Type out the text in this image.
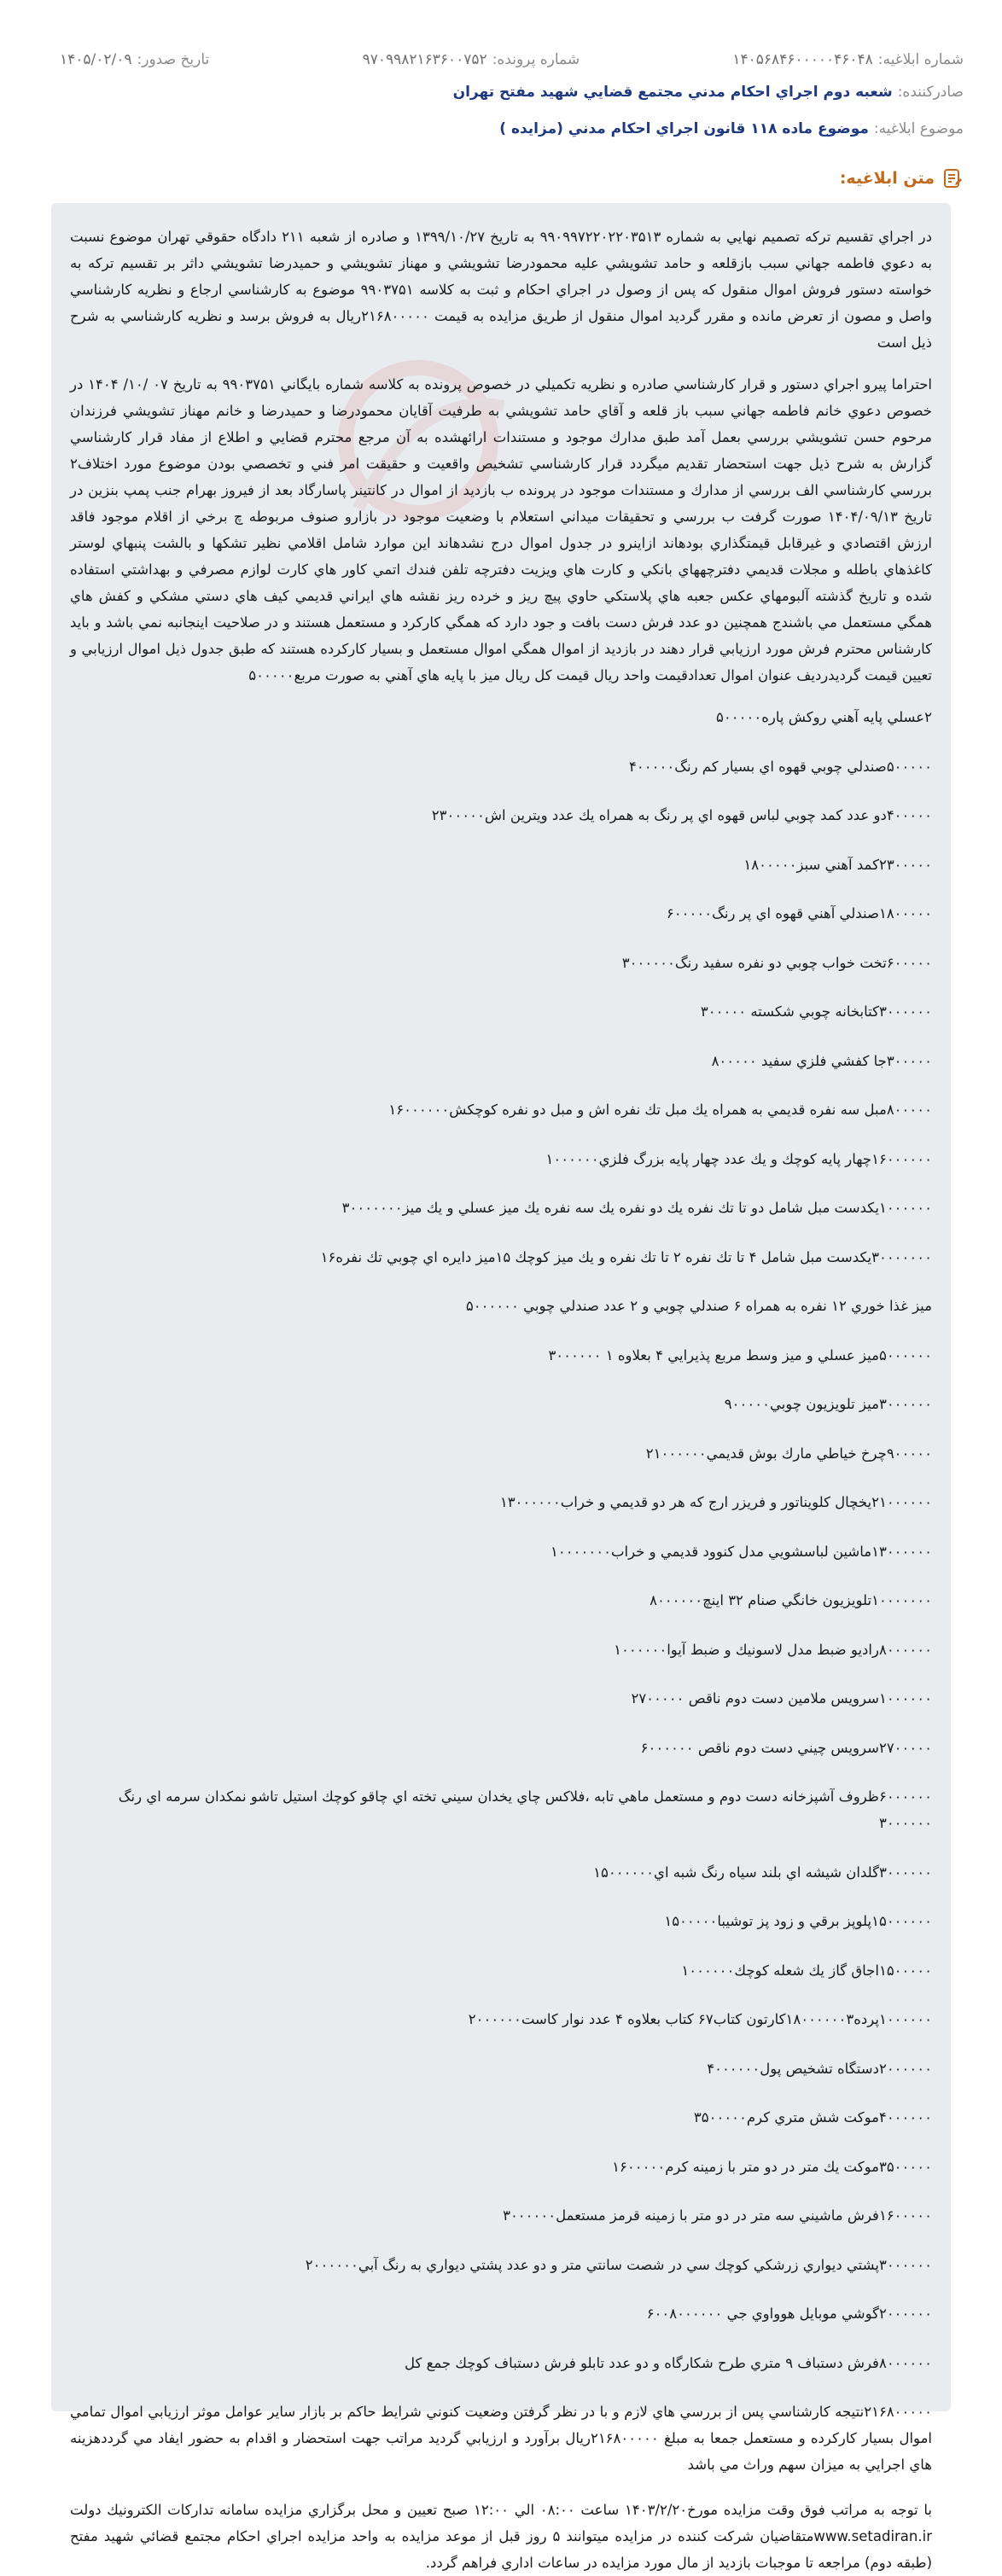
شماره ابلاغيه:
۱۴۰۵۶۸۴۶۰۰۰۰۰۴۶۰۴۸
شماره پرونده:
۹۷۰۹۹۸۲۱۶۳۶۰۰۷۵۲
تاريخ صدور:
۱۴۰۵/۰۲/۰۹
صادرکننده:
شعبه دوم اجراي احكام مدني مجتمع قضايي شهيد مفتح تهران
موضوع ابلاغيه:
موضوع ماده ۱۱۸ قانون اجراي احكام مدني (مزايده )
متن ابلاغيه:

در اجراي تقسيم تركه تصميم نهايي به شماره ۹۹۰۹۹۷۲۲۰۲۲۰۳۵۱۳ به تاريخ ۱۳۹۹/۱۰/۲۷ و صادره از شعبه ۲۱۱ دادگاه حقوقي تهران موضوع نسبت به دعوي فاطمه جهاني سبب بازقلعه و حامد تشويشي عليه محمودرضا تشويشي و مهناز تشويشي و حميدرضا تشويشي داثر بر تقسيم تركه به خواسته دستور فروش اموال منقول كه پس از وصول در اجراي احكام و ثبت به كلاسه ۹۹۰۳۷۵۱ موضوع به كارشناسي ارجاع و نظريه كارشناسي واصل و مصون از تعرض مانده و مقرر گرديد اموال منقول از طريق مزايده به قيمت ۲۱۶۸۰۰۰۰۰ريال به فروش برسد و نظريه كارشناسي به شرح ذيل است

احتراما پيرو اجراي دستور و قرار كارشناسي صادره و نظريه تكميلي در خصوص پرونده به كلاسه شماره بايگاني ۹۹۰۳۷۵۱ به تاريخ ۰۷ /۱۰/ ۱۴۰۴ در خصوص دعوي خانم فاطمه جهاني سبب باز قلعه و آقاي حامد تشويشي به طرفيت آقايان محمودرضا و حميدرضا و خانم مهناز تشويشي فرزندان مرحوم حسن تشويشي بررسي بعمل آمد طبق مدارك موجود و مستندات ارائهشده به آن مرجع محترم قضايي و اطلاع از مفاد قرار كارشناسي گزارش به شرح ذيل جهت استحضار تقديم ميگردد قرار كارشناسي تشخيص واقعيت و حقيقت امر فني و تخصصي بودن موضوع مورد اختلاف۲ بررسي كارشناسي الف بررسي از مدارك و مستندات موجود در پرونده ب بازديد از اموال در كانتينر پاسارگاد بعد از فيروز بهرام جنب پمپ بنزين در تاريخ ۱۴۰۴/۰۹/۱۳ صورت گرفت ب بررسي و تحقيقات ميداني استعلام با وضعيت موجود در بازارو صنوف مربوطه چ برخي از اقلام موجود فاقد ارزش اقتصادي و غيرقابل قيمتگذاري بودهاند ازاينرو در جدول اموال درج نشدهاند اين موارد شامل اقلامي نظير تشكها و بالشت پنبهاي لوستر كاغذهاي باطله و مجلات قديمي دفترچههاي بانكي و كارت هاي ويزيت دفترچه تلفن فندك اتمي كاور هاي كارت لوازم مصرفي و بهداشتي استفاده شده و تاريخ گذشته آلبومهاي عكس جعبه هاي پلاستكي حاوي پيچ ريز و خرده ريز نقشه هاي ايراني قديمي كيف هاي دستي مشكي و كفش هاي همگي مستعمل مي باشندج همچنين دو عدد فرش دست بافت و جود دارد كه همگي كاركرد و مستعمل هستند و در صلاحيت اينجانبه نمي باشد و بايد كارشناس محترم فرش مورد ارزيابي قرار دهند در بازديد از اموال همگي اموال مستعمل و بسيار كاركرده هستند كه طبق جدول ذيل اموال ارزيابي و تعيين قيمت گرديدرديف عنوان اموال تعدادقيمت واحد ريال قيمت كل ريال ميز با پايه هاي آهني به صورت مربع۵۰۰۰۰۰

۲عسلي پايه آهني روكش پاره۵۰۰۰۰۰
۵۰۰۰۰۰صندلي چوبي قهوه اي بسيار كم رنگ۴۰۰۰۰۰
۴۰۰۰۰۰دو عدد كمد چوبي لباس قهوه اي پر رنگ به همراه يك عدد ويترين اش۲۳۰۰۰۰۰
۲۳۰۰۰۰۰كمد آهني سبز۱۸۰۰۰۰۰
۱۸۰۰۰۰۰صندلي آهني قهوه اي پر رنگ۶۰۰۰۰۰
۶۰۰۰۰۰تخت خواب چوبي دو نفره سفيد رنگ۳۰۰۰۰۰۰
۳۰۰۰۰۰۰كتابخانه چوبي شكسته ۳۰۰۰۰۰
۳۰۰۰۰۰جا كفشي فلزي سفيد ۸۰۰۰۰۰
۸۰۰۰۰۰مبل سه نفره قديمي به همراه يك مبل تك نفره اش و مبل دو نفره كوچكش۱۶۰۰۰۰۰۰
۱۶۰۰۰۰۰۰چهار پايه كوچك و يك عدد چهار پايه بزرگ فلزي۱۰۰۰۰۰۰
۱۰۰۰۰۰۰يكدست مبل شامل دو تا تك نفره يك دو نفره يك سه نفره يك ميز عسلي و يك ميز۳۰۰۰۰۰۰۰
۳۰۰۰۰۰۰۰يكدست مبل شامل ۴ تا تك نفره ۲ تا تك نفره و يك ميز كوچك ۱۵ميز دايره اي چوبي تك نفره۱۶
ميز غذا خوري ۱۲ نفره به همراه ۶ صندلي چوبي و ۲ عدد صندلي چوبي ۵۰۰۰۰۰۰
۵۰۰۰۰۰۰ميز عسلي و ميز وسط مربع پذيرايي ۴ بعلاوه ۱ ۳۰۰۰۰۰۰
۳۰۰۰۰۰۰ميز تلويزيون چوبي۹۰۰۰۰۰
۹۰۰۰۰۰چرخ خياطي مارك بوش قديمي۲۱۰۰۰۰۰۰
۲۱۰۰۰۰۰۰يخچال كلويناتور و فريزر ارج كه هر دو قديمي و خراب۱۳۰۰۰۰۰۰
۱۳۰۰۰۰۰۰ماشين لباسشويي مدل كنوود قديمي و خراب۱۰۰۰۰۰۰۰
۱۰۰۰۰۰۰۰تلويزيون خانگي صنام ۳۲ اينچ۸۰۰۰۰۰۰
۸۰۰۰۰۰۰راديو ضبط مدل لاسونيك و ضبط آيوا۱۰۰۰۰۰۰
۱۰۰۰۰۰۰سرويس ملامين دست دوم ناقص ۲۷۰۰۰۰۰
۲۷۰۰۰۰۰سرويس چيني دست دوم ناقص ۶۰۰۰۰۰۰
۶۰۰۰۰۰۰ظروف آشپزخانه دست دوم و مستعمل ماهي تابه ،فلاكس چاي يخدان سيني تخته اي چاقو كوچك استيل تاشو نمكدان سرمه اي رنگ ۳۰۰۰۰۰۰
۳۰۰۰۰۰۰گلدان شيشه اي بلند سياه رنگ شبه اي۱۵۰۰۰۰۰۰
۱۵۰۰۰۰۰۰پلوپز برقي و زود پز توشيبا۱۵۰۰۰۰۰
۱۵۰۰۰۰۰اجاق گاز يك شعله كوچك۱۰۰۰۰۰۰
۱۰۰۰۰۰۰پرده۱۸۰۰۰۰۰۰۳كارتون كتاب۶۷ كتاب بعلاوه ۴ عدد نوار كاست۲۰۰۰۰۰۰
۲۰۰۰۰۰۰دستگاه تشخيص پول۴۰۰۰۰۰۰
۴۰۰۰۰۰۰موكت شش متري كرم۳۵۰۰۰۰۰
۳۵۰۰۰۰۰موكت يك متر در دو متر با زمينه كرم۱۶۰۰۰۰۰
۱۶۰۰۰۰۰فرش ماشيني سه متر در دو متر با زمينه قرمز مستعمل۳۰۰۰۰۰۰
۳۰۰۰۰۰۰پشتي ديواري زرشكي كوچك سي در شصت سانتي متر و دو عدد پشتي ديواري به رنگ آبي۲۰۰۰۰۰۰
۲۰۰۰۰۰۰گوشي موبايل هوواوي جي ۶۰۰۸۰۰۰۰۰۰
۸۰۰۰۰۰۰فرش دستباف ۹ متري طرح شكارگاه و دو عدد تابلو فرش دستباف كوچك جمع كل

۲۱۶۸۰۰۰۰۰نتيجه كارشناسي پس از بررسي هاي لازم و با در نظر گرفتن وضعيت كنوني شرايط حاكم بر بازار ساير عوامل موثر ارزيابي اموال تمامي اموال بسيار كاركرده و مستعمل جمعا به مبلغ ۲۱۶۸۰۰۰۰۰ريال برآورد و ارزيابي گرديد مراتب جهت استحضار و اقدام به حضور ايفاد مي گرددهزينه هاي اجرايي به ميزان سهم وراث مي باشد

با توجه به مراتب فوق وقت مزايده مورخ۱۴۰۳/۲/۲۰ ساعت ۰۸:۰۰ الي ۱۲:۰۰ صبح تعيين و محل برگزاري مزايده سامانه تداركات الكترونيك دولت www.setadiran.irمتقاضيان شركت كننده در مزايده ميتوانند ۵ روز قبل از موعد مزايده به واحد مزايده اجراي احكام مجتمع قضائي شهيد مفتح (طبقه دوم) مراجعه تا موجبات بازديد از مال مورد مزايده در ساعات اداري فراهم گردد.
